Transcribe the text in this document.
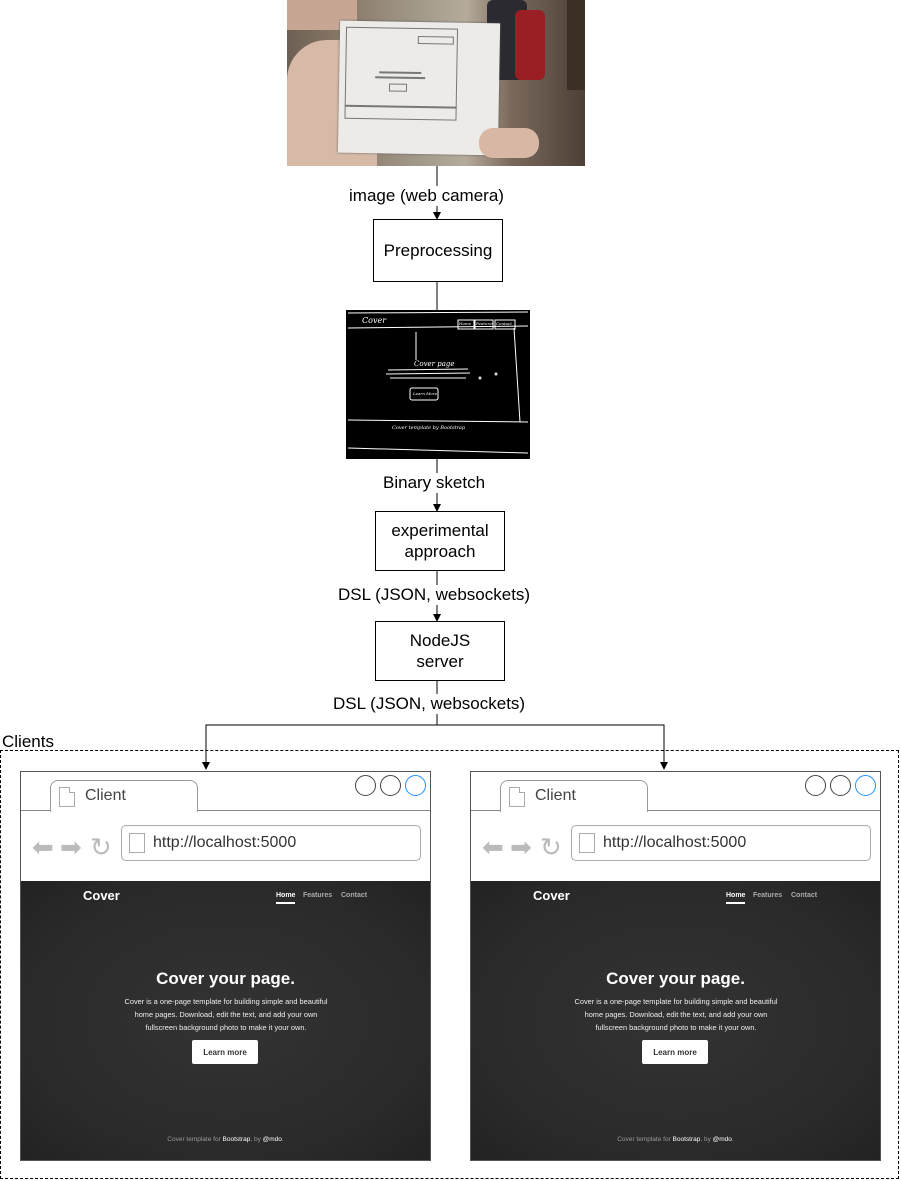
image (web camera)
Preprocessing
Cover	Home Features Contact
Cover page
Learn More
Cover template by Bootstrap
Binary sketch
experimental approach
DSL (JSON, websockets)
NodeJS server
DSL (JSON, websockets)
Clients
Client
⬅ ➡ ↻	http://localhost:5000
Cover	Home Features Contact
Cover your page.
Cover is a one-page template for building simple and beautiful home pages. Download, edit the text, and add your own fullscreen background photo to make it your own.
Learn more
Cover template for Bootstrap, by @mdo.
Client
⬅ ➡ ↻	http://localhost:5000
Cover	Home Features Contact
Cover your page.
Cover is a one-page template for building simple and beautiful home pages. Download, edit the text, and add your own fullscreen background photo to make it your own.
Learn more
Cover template for Bootstrap, by @mdo.
